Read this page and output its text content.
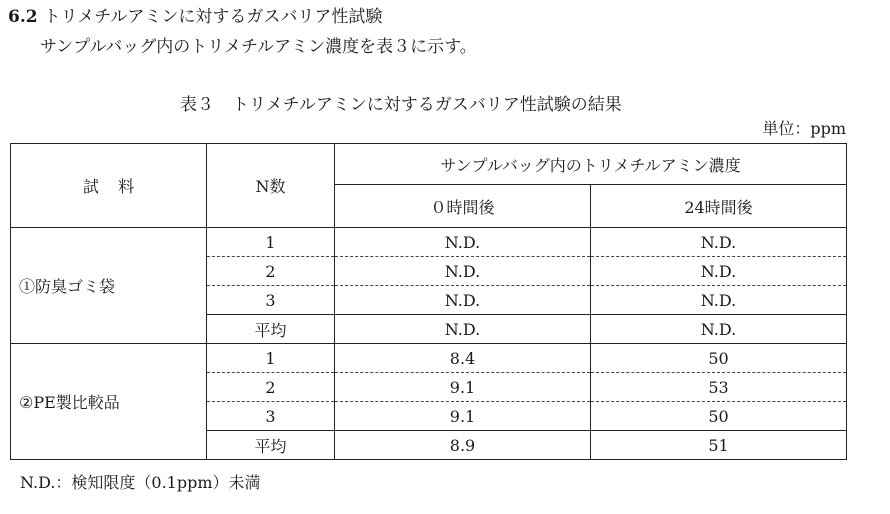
6.2 トリメチルアミンに対するガスバリア性試験
サンプルバッグ内のトリメチルアミン濃度を表３に示す。
表３ トリメチルアミンに対するガスバリア性試験の結果
単位：ppm
試料	N数	サンプルバッグ内のトリメチルアミン濃度	
		０時間後	24時間後
①防臭ゴミ袋	1	N.D.	N.D.
	2	N.D.	N.D.
	3	N.D.	N.D.
	平均	N.D.	N.D.
②PE製比較品	1	8.4	50
	2	9.1	53
	3	9.1	50
	平均	8.9	51
N.D.：検知限度（0.1ppm）未満
